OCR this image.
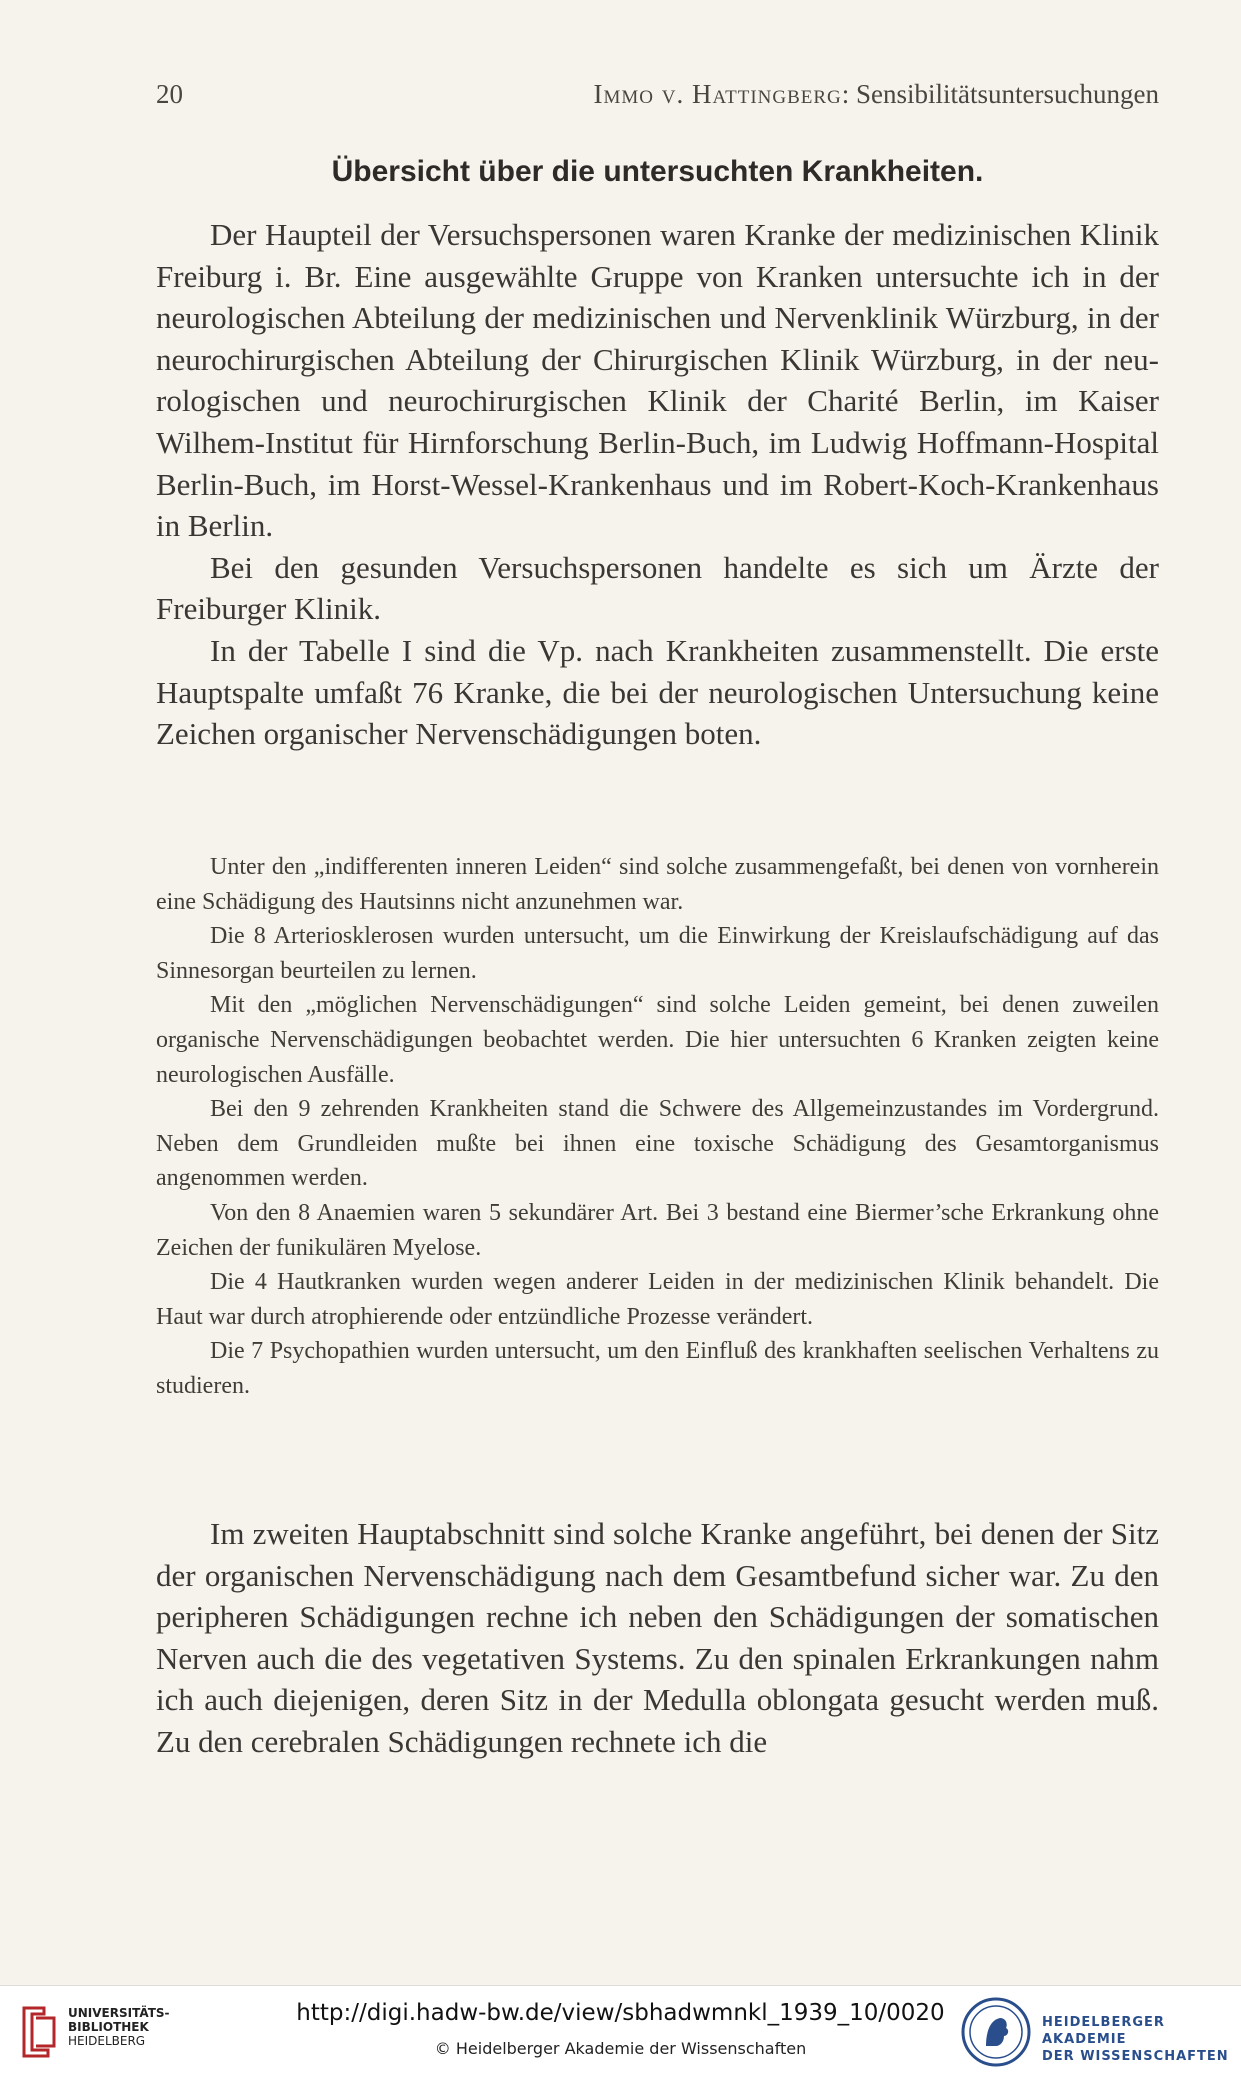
20	Immo v. Hattingberg: Sensibilitätsuntersuchungen
Übersicht über die untersuchten Krankheiten.

Der Haupteil der Versuchspersonen waren Kranke der medizinischen Klinik Freiburg i. Br. Eine ausgewählte Gruppe von Kranken untersuchte ich in der neurologischen Abteilung der medizinischen und Nervenklinik Würzburg, in der neurochirurgischen Abteilung der Chirurgischen Klinik Würzburg, in der neurologischen und neurochirurgischen Klinik der Charité Berlin, im Kaiser Wilhem-Institut für Hirnforschung Berlin-Buch, im Ludwig Hoffmann-Hospital Berlin-Buch, im Horst-Wessel-Krankenhaus und im Robert-Koch-Krankenhaus in Berlin.

Bei den gesunden Versuchspersonen handelte es sich um Ärzte der Freiburger Klinik.

In der Tabelle I sind die Vp. nach Krankheiten zusammenstellt. Die erste Hauptspalte umfaßt 76 Kranke, die bei der neurologischen Untersuchung keine Zeichen organischer Nervenschädigungen boten.

Unter den „indifferenten inneren Leiden“ sind solche zusammengefaßt, bei denen von vornherein eine Schädigung des Hautsinns nicht anzunehmen war.

Die 8 Arteriosklerosen wurden untersucht, um die Einwirkung der Kreislaufschädigung auf das Sinnesorgan beurteilen zu lernen.

Mit den „möglichen Nervenschädigungen“ sind solche Leiden gemeint, bei denen zuweilen organische Nervenschädigungen beobachtet werden. Die hier untersuchten 6 Kranken zeigten keine neurologischen Ausfälle.

Bei den 9 zehrenden Krankheiten stand die Schwere des Allgemeinzustandes im Vordergrund. Neben dem Grundleiden mußte bei ihnen eine toxische Schädigung des Gesamtorganismus angenommen werden.

Von den 8 Anaemien waren 5 sekundärer Art. Bei 3 bestand eine Biermer’sche Erkrankung ohne Zeichen der funikulären Myelose.

Die 4 Hautkranken wurden wegen anderer Leiden in der medizinischen Klinik behandelt. Die Haut war durch atrophierende oder entzündliche Prozesse verändert.

Die 7 Psychopathien wurden untersucht, um den Einfluß des krankhaften seelischen Verhaltens zu studieren.

Im zweiten Hauptabschnitt sind solche Kranke angeführt, bei denen der Sitz der organischen Nervenschädigung nach dem Gesamtbefund sicher war. Zu den peripheren Schädigungen rechne ich neben den Schädigungen der somatischen Nerven auch die des vegetativen Systems. Zu den spinalen Erkrankungen nahm ich auch diejenigen, deren Sitz in der Medulla oblongata gesucht werden muß. Zu den cerebralen Schädigungen rechnete ich die

UNIVERSITÄTS-
BIBLIOTHEK
HEIDELBERG
http://digi.hadw-bw.de/view/sbhadwmnkl_1939_10/0020
© Heidelberger Akademie der Wissenschaften
HEIDELBERGER AKADEMIE
DER WISSENSCHAFTEN
